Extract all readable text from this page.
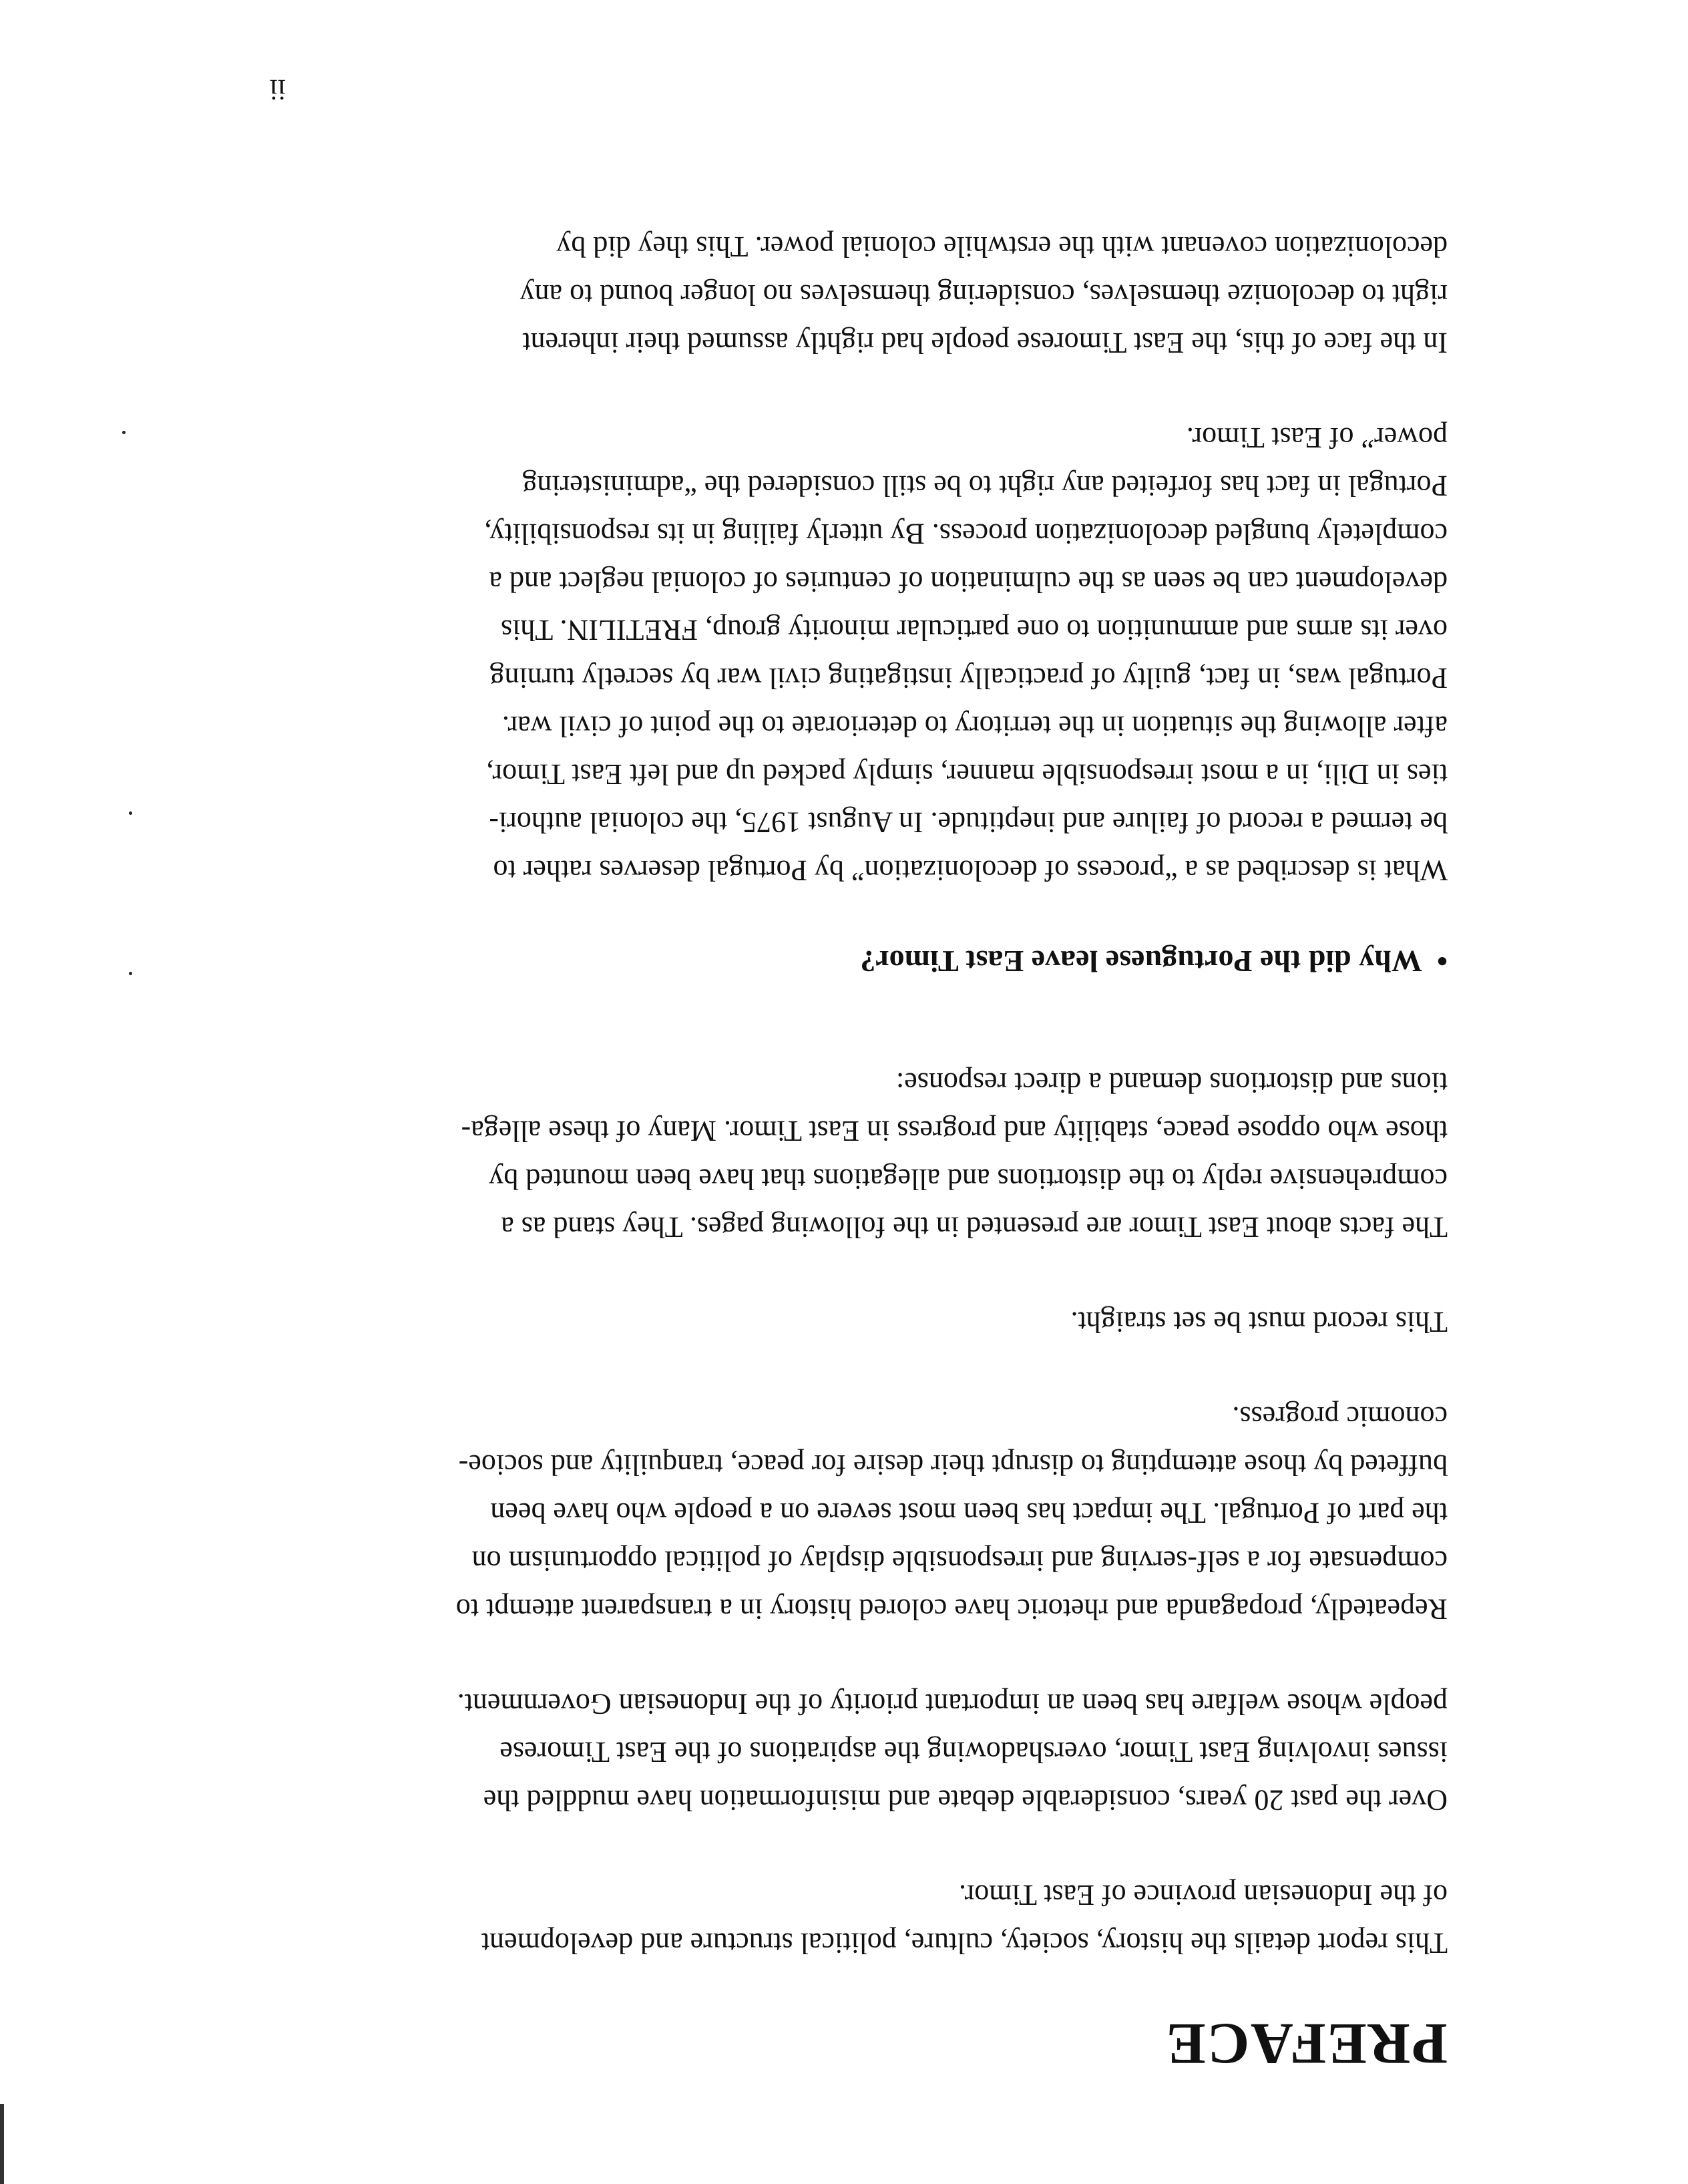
PREFACE
This report details the history, society, culture, political structure and development
of the Indonesian province of East Timor.
Over the past 20 years, considerable debate and misinformation have muddled the
issues involving East Timor, overshadowing the aspirations of the East Timorese
people whose welfare has been an important priority of the Indonesian Government.
Repeatedly, propaganda and rhetoric have colored history in a transparent attempt to
compensate for a self-serving and irresponsible display of political opportunism on
the part of Portugal. The impact has been most severe on a people who have been
buffeted by those attempting to disrupt their desire for peace, tranquility and socioe-
conomic progress.
This record must be set straight.
The facts about East Timor are presented in the following pages. They stand as a
comprehensive reply to the distortions and allegations that have been mounted by
those who oppose peace, stability and progress in East Timor. Many of these allega-
tions and distortions demand a direct response:
•Why did the Portuguese leave East Timor?
What is described as a “process of decolonization” by Portugal deserves rather to
be termed a record of failure and ineptitude. In August 1975, the colonial authori-
ties in Dili, in a most irresponsible manner, simply packed up and left East Timor,
after allowing the situation in the territory to deteriorate to the point of civil war.
Portugal was, in fact, guilty of practically instigating civil war by secretly turning
over its arms and ammunition to one particular minority group, FRETILIN. This
development can be seen as the culmination of centuries of colonial neglect and a
completely bungled decolonization process. By utterly failing in its responsibility,
Portugal in fact has forfeited any right to be still considered the “administering
power” of East Timor.
In the face of this, the East Timorese people had rightly assumed their inherent
right to decolonize themselves, considering themselves no longer bound to any
decolonization covenant with the erstwhile colonial power. This they did by
ii
